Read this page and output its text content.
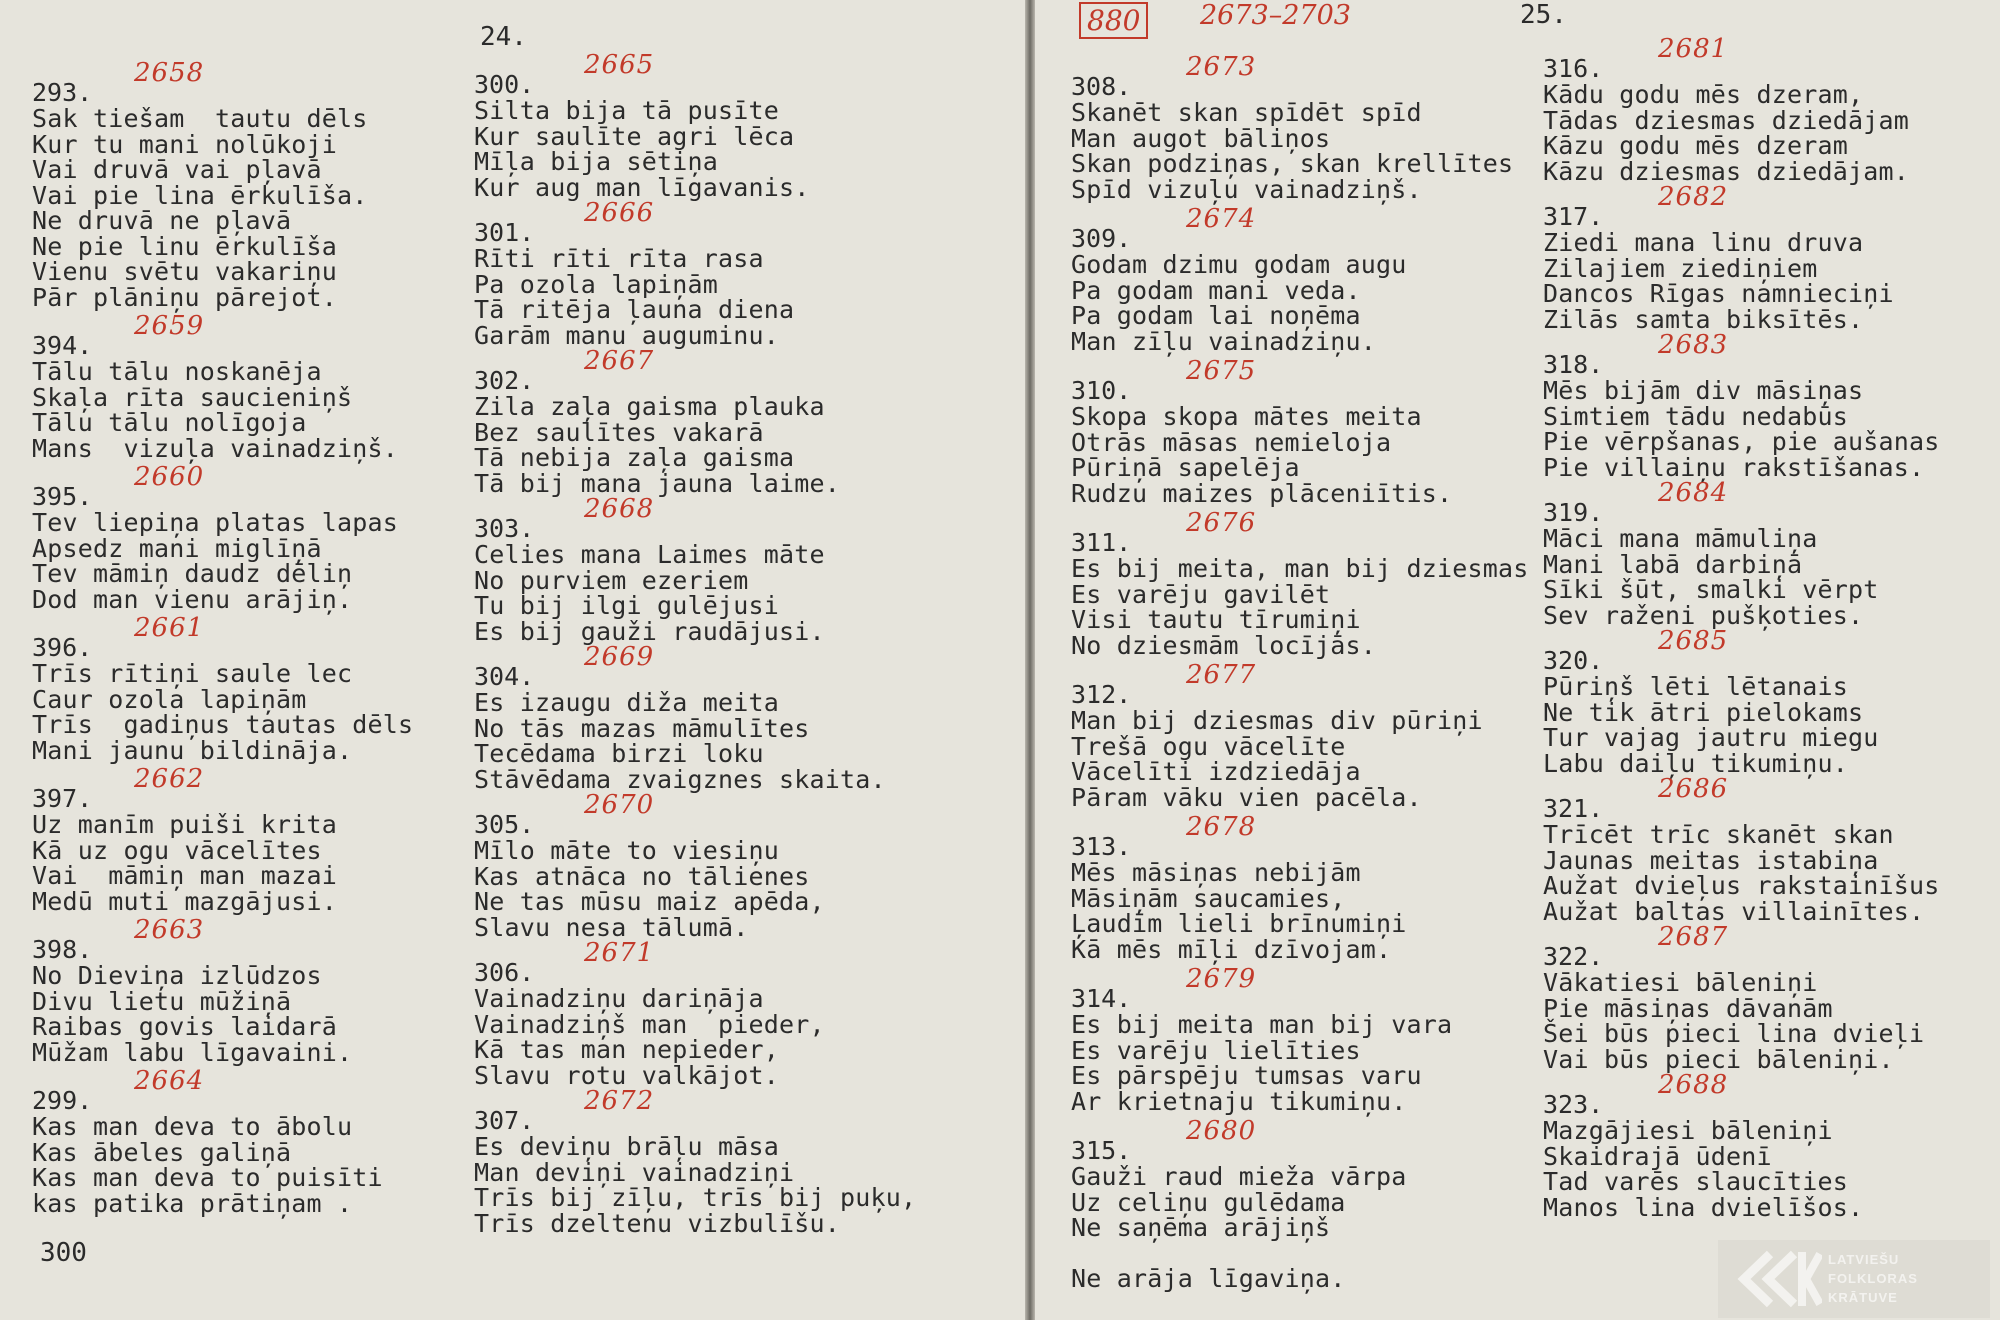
24.
293.
2658
Sak tiešam  tautu dēls
Kur tu mani nolūkoji
Vai druvā vai pļavā
Vai pie lina ērkulīša.
Ne druvā ne pļavā
Ne pie linu ērkulīša
Vienu svētu vakariņu
Pār plāniņu pārejot.
394.
2659
Tālu tālu noskanēja
Skaļa rīta saucieniņš
Tālu tālu nolīgoja
Mans  vizuļa vainadziņš.
395.
2660
Tev liepiņa platas lapas
Apsedz mani miglīņā
Tev māmiņ daudz dēliņ
Dod man vienu arājiņ.
396.
2661
Trīs rītiņi saule lec
Caur ozola lapiņām
Trīs  gadiņus tautas dēls
Mani jaunu bildināja.
397.
2662
Uz manīm puiši krita
Kā uz ogu vācelītes
Vai  māmiņ man mazai
Medū muti mazgājusi.
398.
2663
No Dieviņa izlūdzos
Divu lietu mūžiņā
Raibas govis laidarā
Mūžam labu līgavaini.
299.
2664
Kas man deva to ābolu
Kas ābeles galiņā
Kas man deva to puisīti
kas patika prātiņam .
300.
2665
Silta bija tā pusīte
Kur saulīte agri lēca
Mīļa bija sētiņa
Kur aug man līgavanis.
301.
2666
Rīti rīti rīta rasa
Pa ozola lapiņām
Tā ritēja ļauna diena
Garām manu auguminu.
302.
2667
Zila zaļa gaisma plauka
Bez saulītes vakarā
Tā nebija zaļa gaisma
Tā bij mana jauna laime.
303.
2668
Celies mana Laimes māte
No purviem ezeriem
Tu bij ilgi gulējusi
Es bij gauži raudājusi.
304.
2669
Es izaugu diža meita
No tās mazas māmulītes
Tecēdama birzi loku
Stāvēdama zvaigznes skaita.
305.
2670
Mīlo māte to viesiņu
Kas atnāca no tālienes
Ne tas mūsu maiz apēda,
Slavu nesa tālumā.
306.
2671
Vainadziņu dariņāja
Vainadziņš man  pieder,
Kā tas man nepieder,
Slavu rotu valkājot.
307.
2672
Es deviņu brāļu māsa
Man deviņi vainadziņi
Trīs bij zīļu, trīs bij puķu,
Trīs dzeltenu vizbulīšu.
300
880 2673–2703	25.
308.
2673
Skanēt skan spīdēt spīd
Man augot bāliņos
Skan podziņas, skan krellītes
Spīd vizuļu vainadziņš.
309.
2674
Godam dzimu godam augu
Pa godam mani veda.
Pa godam lai noņēma
Man zīļu vainadziņu.
310.
2675
Skopa skopa mātes meita
Otrās māsas nemieloja
Pūriņā sapelēja
Rudzu maizes plāceniītis.
311.
2676
Es bij meita, man bij dziesmas
Es varēju gavilēt
Visi tautu tīrumiņi
No dziesmām locījās.
312.
2677
Man bij dziesmas div pūriņi
Trešā ogu vācelīte
Vācelīti izdziedāja
Pāram vāku vien pacēla.
313.
2678
Mēs māsiņas nebijām
Māsiņām saucamies,
Ļaudīm lieli brīnumiņi
Kā mēs mīļi dzīvojam.
314.
2679
Es bij meita man bij vara
Es varēju lielīties
Es pārspēju tumsas varu
Ar krietnaju tikumiņu.
315.
2680
Gauži raud mieža vārpa
Uz celiņu gulēdama
Ne saņēma arājiņš
Ne arāja līgaviņa.
316.
2681
Kādu godu mēs dzeram,
Tādas dziesmas dziedājam
Kāzu godu mēs dzeram
Kāzu dziesmas dziedājam.
317.
2682
Ziedi mana linu druva
Zilajiem ziediņiem
Dancos Rīgas namnieciņi
Zilās samta biksītēs.
318.
2683
Mēs bijām div māsiņas
Simtiem tādu nedabūs
Pie vērpšanas, pie aušanas
Pie villaiņu rakstīšanas.
319.
2684
Māci mana māmuliņa
Mani labā darbiņā
Sīki šūt, smalki vērpt
Sev raženi pušķoties.
320.
2685
Pūriņš lēti lētanais
Ne tik ātri pielokams
Tur vajag jautru miegu
Labu daiļu tikumiņu.
321.
2686
Trīcēt trīc skanēt skan
Jaunas meitas istabiņa
Aužat dvieļus rakstainīšus
Aužat baltas villainītes.
322.
2687
Vākatiesi bāleniņi
Pie māsiņas dāvanām
Šei būs pieci lina dvieļi
Vai būs pieci bāleniņi.
323.
2688
Mazgājiesi bāleniņi
Skaidrajā ūdenī
Tad varēs slaucīties
Manos lina dvielīšos.
LATVIEŠU
FOLKLORAS
KRĀTUVE
